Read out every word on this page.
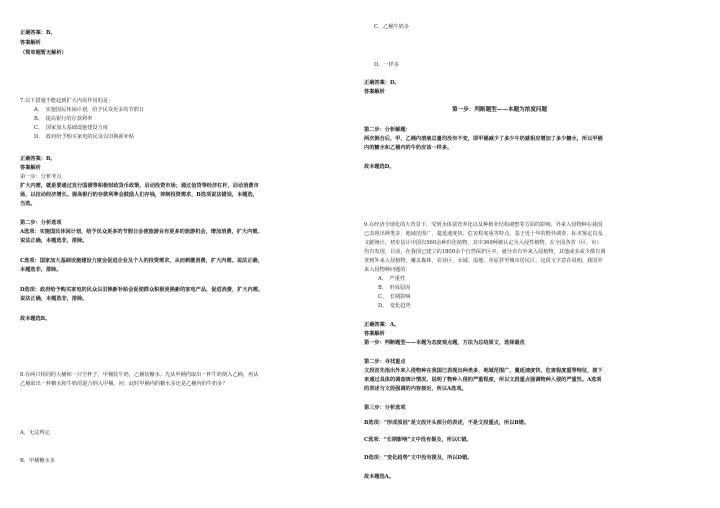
正确答案：B。
答案解析
（简单题暂无解析）
7.以下措施不能起到扩大内需作用的是：
A、　实施国民休闲计划，给予民众更多的节假日
B、　提高银行的存款利率
C、　国家加大基础设施建设力度
D、　政府给予购买家电的民众以旧换新补贴
正确答案：B。
答案解析
第一步：分析考点
扩大内需，就是要通过发行国债等积极财政货币政策，启动投资市场；通过信贷等经济杠杆，启动消费市
场，以拉动经济增长。提高银行的存款利率会鼓励人们存钱，抑制投资需求，B选项说法错误，本题选，
当选。
第二步：分析选项
A选项：实施国民休闲计划，给予民众更多的节假日会使旅游业有更多的旅游机会，增加消费，扩大内需。
说法正确，本题选非，排除。
C选项：国家加大基础设施建设力度会促进企业及个人的投资需求，从而刺激消费，扩大内需。说法正确，
本题选非，排除。
D选项：政府给予购买家电的民众以旧换新补贴会促使群众积极更换新的家电产品，促进消费，扩大内需。
说法正确，本题选非，排除。
故本题选B。
8.有两只相同的大桶和一只空杯子，甲桶装牛奶，乙桶装糖水。先从甲桶内取出一杯牛奶倒入乙桶，再从
乙桶取出一杯糖水和牛奶的混合倒入甲桶。问：此时甲桶内的糖水多还是乙桶内的牛奶多？
A、无法判定
B、甲桶糖水多
C、乙桶牛奶多
D、一样多
正确答案：D。
答案解析
第一步：判断题型——本题为浓度问题
第二步：分析解题：
两次倒合后，甲、乙桶内溶液总量均没有不变，即甲桶减少了多少牛奶就相应增加了多少糖水，所以甲桶
内的糖水和乙桶内的牛奶应该一样多。
故本题选D。
9.在经济全球化的大背景下，受到水体富营养化以及种植业结构调整等方面的影响，外来入侵物种在我国
已表现出种类多、地域范围广、蔓延速度快、危害程度重等特点。基于近十年的野外调查、标本鉴定以及
文献统计，初步估计中国有560余种归化植物，其中369种被认定为入侵性植物。在全国各省（区、市）
均有发现，目前，在我国已建立的1800余个自然保护区中，就分布有外来入侵植物，其他或多或少都有调
查到外来入侵植物，覆盖森林、农业区、水域、湿地、草原甚至城市居民区。这段文字意在说明，我国外
来入侵物种问题的：
A、　严重性
B、　形成原因
C、　长期影响
D、　变化趋势
正确答案：A。
答案解析
第一步：判断题型——本题为态度观点题，方法为总结原文、选择最优
第二步：寻找重点
文段首先指出外来入侵物种在我国已表现出种类多、地域范围广、蔓延速度快、危害程度重等特征，接下
来通过具体的调查统计情况，说明了物种入侵的严重程度，所以文段重点强调物种入侵的严重性。A选项
的表述与文段强调的内容接近，所以A选项。
第三步：分析选项
B选项：“形成原因”是文段开头部分的表述，不是文段重点，所以B错。
C选项：“长期影响”文中没有提及，所以C错。
D选项：“变化趋势”文中没有提及，所以D错。
故本题选A。
